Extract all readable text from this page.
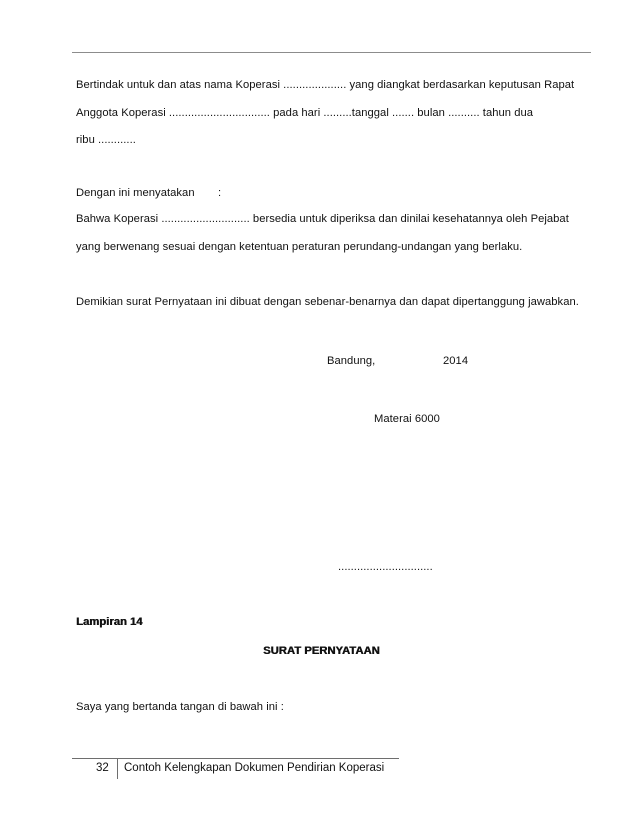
Bertindak untuk dan atas nama Koperasi .................... yang diangkat berdasarkan keputusan Rapat
Anggota Koperasi ................................ pada hari .........tanggal ....... bulan .......... tahun dua
ribu ............
Dengan ini menyatakan :
Bahwa Koperasi ............................ bersedia untuk diperiksa dan dinilai kesehatannya oleh Pejabat
yang berwenang sesuai dengan ketentuan peraturan perundang-undangan yang berlaku.
Demikian surat Pernyataan ini dibuat dengan sebenar-benarnya dan dapat dipertanggung jawabkan.
Bandung,	2014
Materai 6000
..............................
Lampiran 14
SURAT PERNYATAAN
Saya yang bertanda tangan di bawah ini :
32 Contoh Kelengkapan Dokumen Pendirian Koperasi
